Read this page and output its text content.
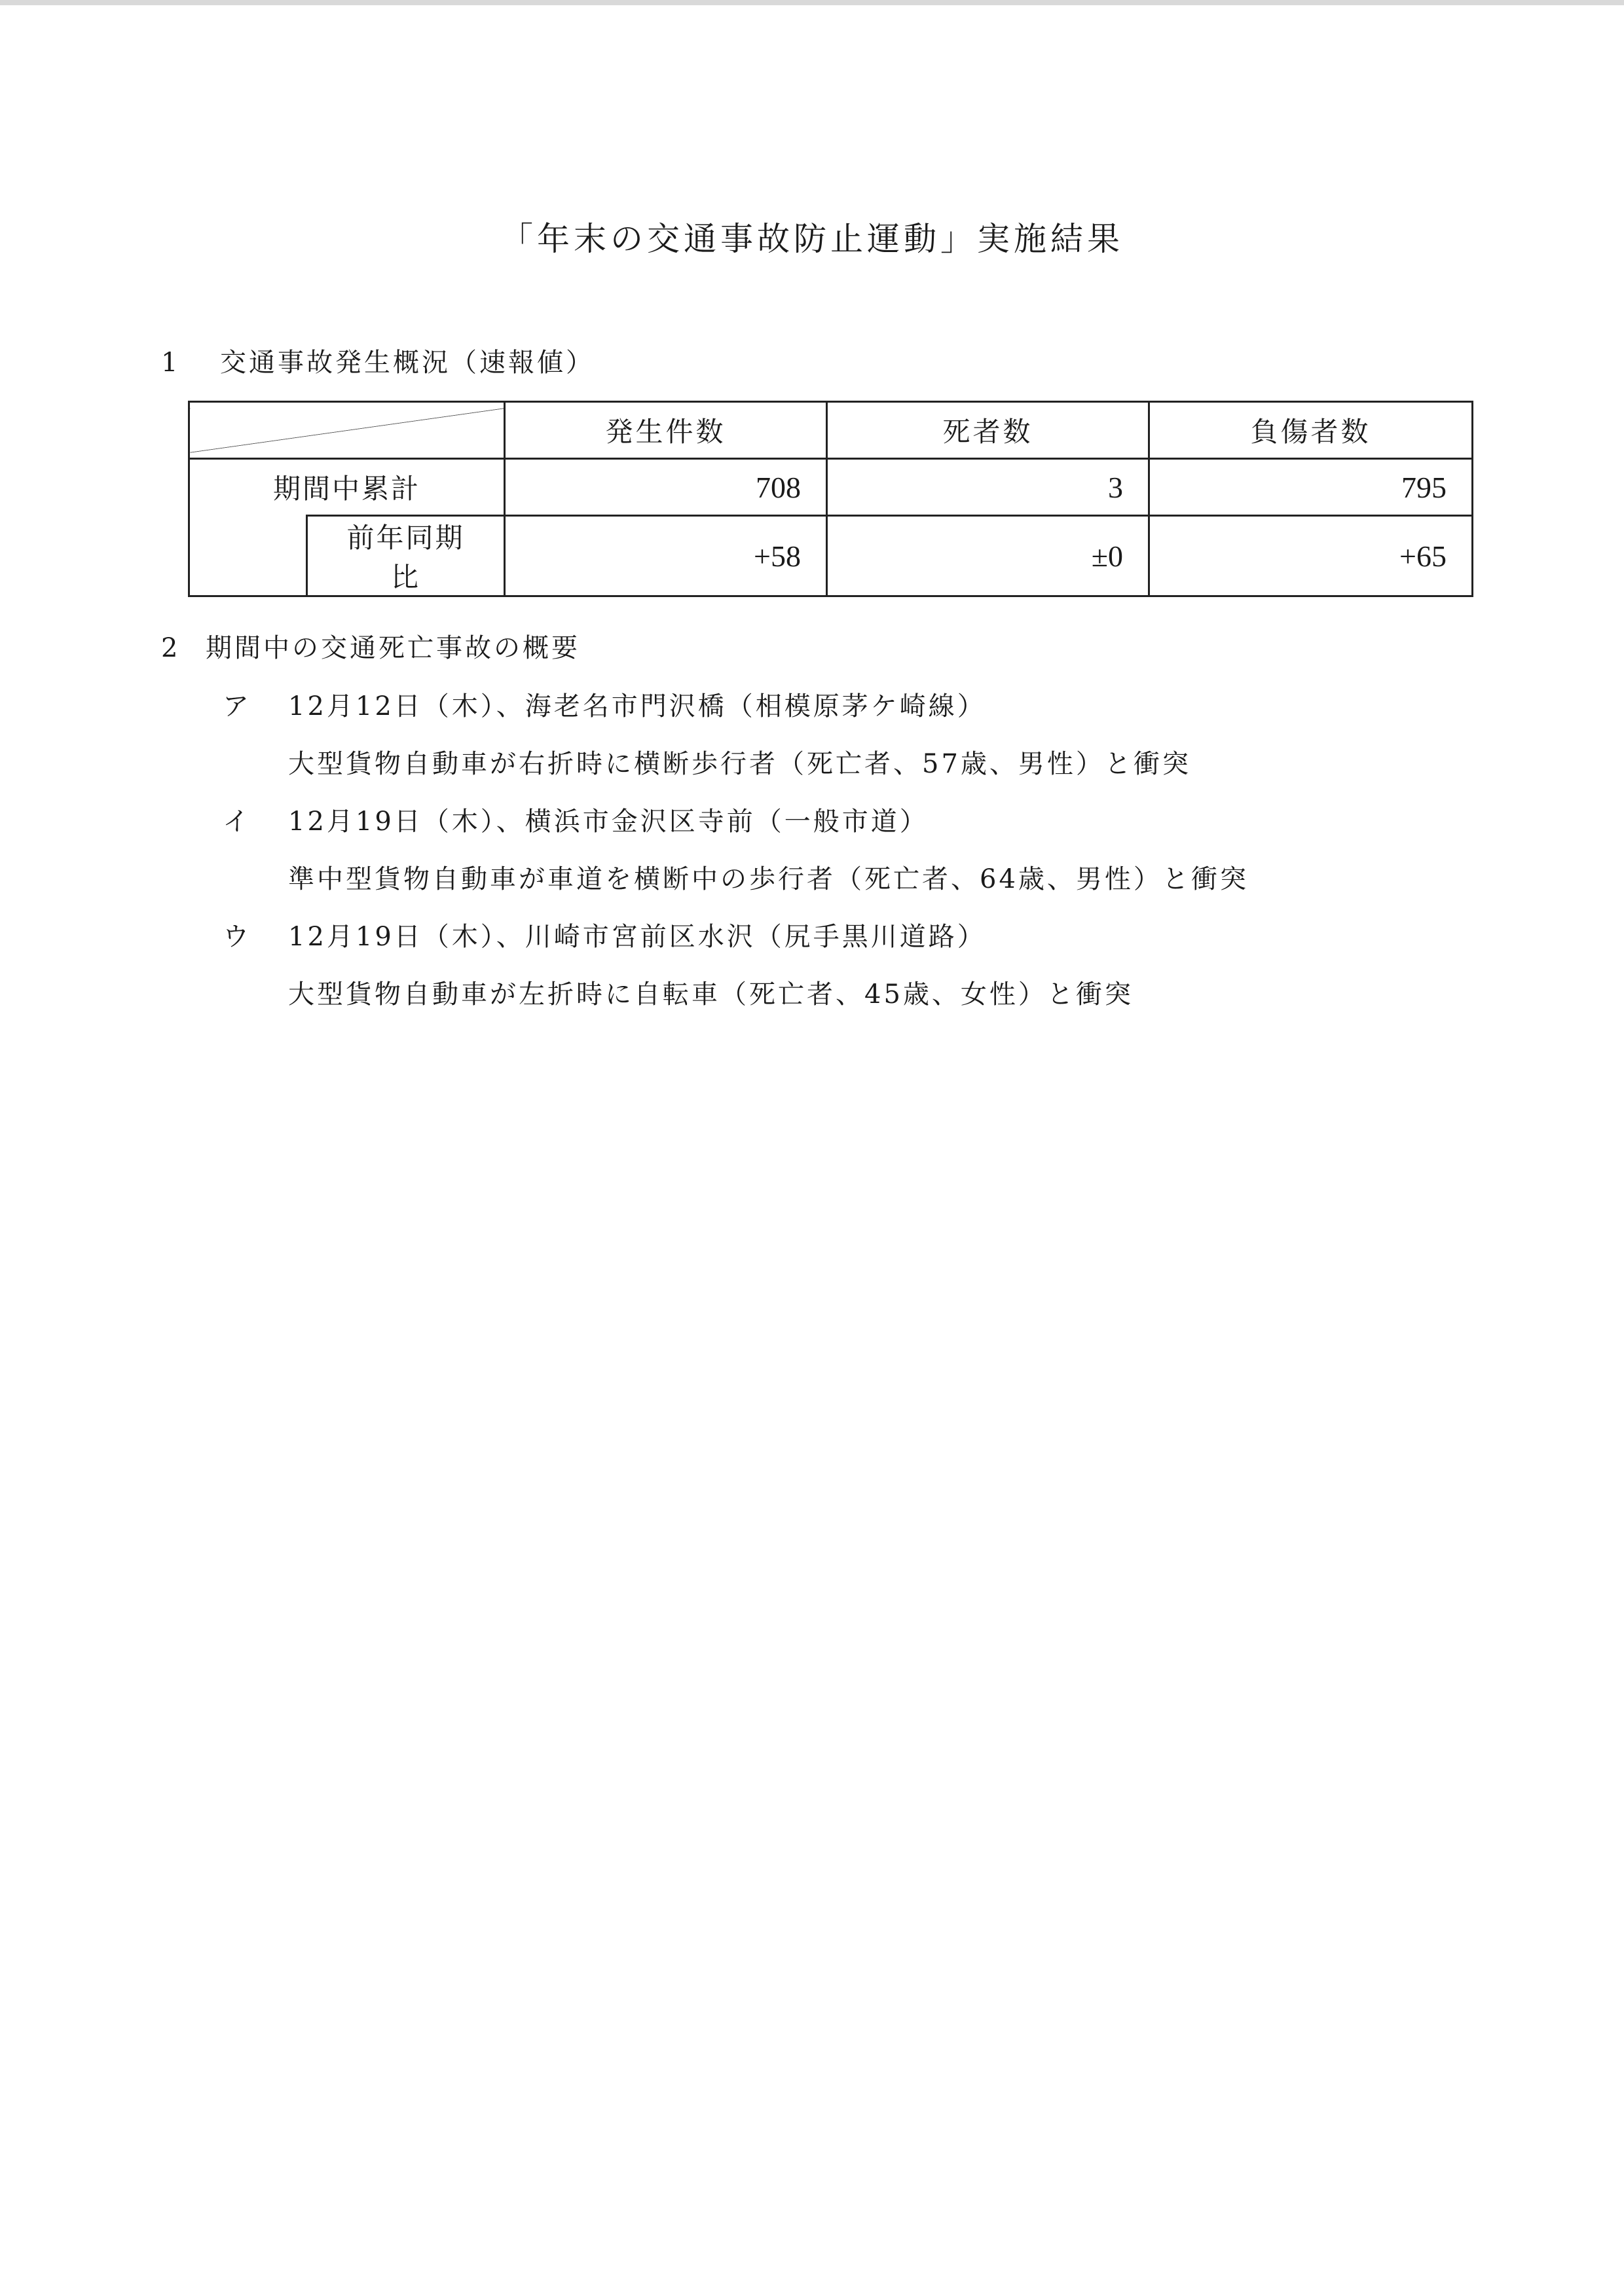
「年末の交通事故防止運動」実施結果
1 交通事故発生概況（速報値）
		発生件数	死者数	負傷者数
期間中累計		708	3	795
	前年同期比	+58	±0	+65
2 期間中の交通死亡事故の概要
ア 12月12日（木）、海老名市門沢橋（相模原茅ケ崎線）
大型貨物自動車が右折時に横断歩行者（死亡者、57歳、男性）と衝突
イ 12月19日（木）、横浜市金沢区寺前（一般市道）
準中型貨物自動車が車道を横断中の歩行者（死亡者、64歳、男性）と衝突
ウ 12月19日（木）、川崎市宮前区水沢（尻手黒川道路）
大型貨物自動車が左折時に自転車（死亡者、45歳、女性）と衝突
